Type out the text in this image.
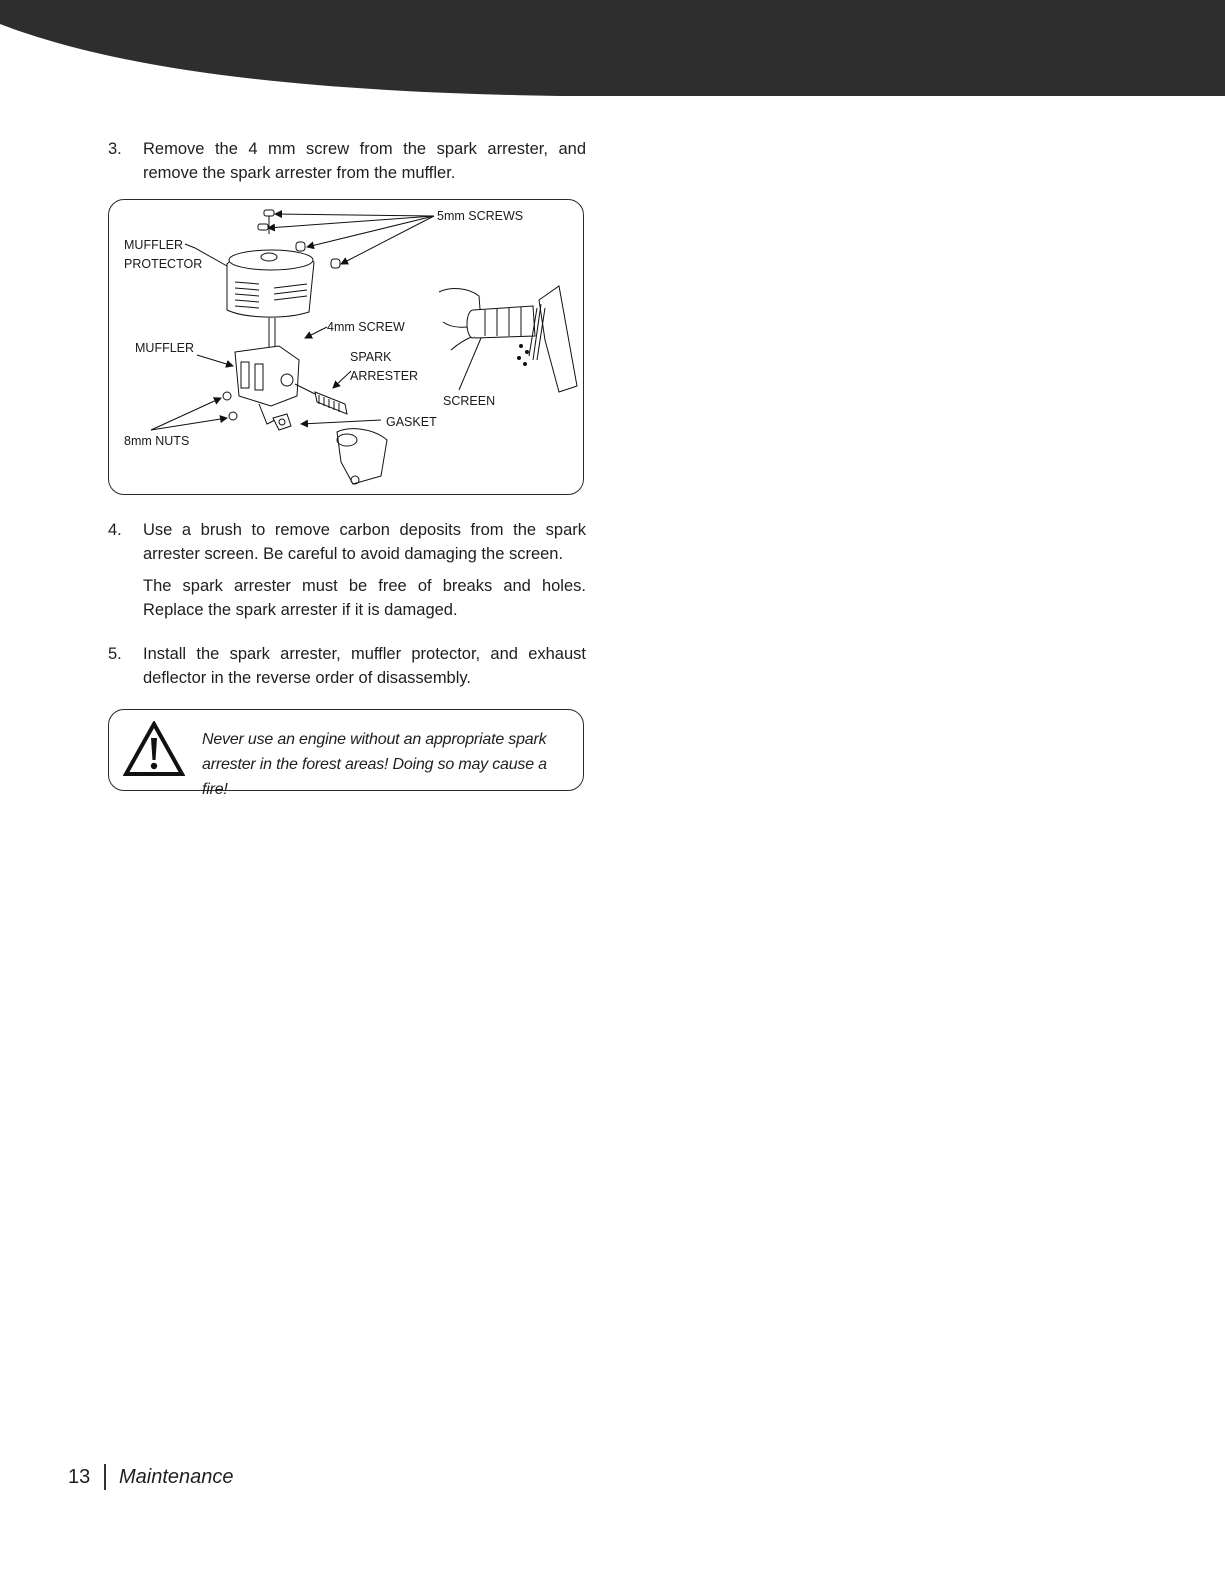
3. Remove the 4 mm screw from the spark arrester, and remove the spark arrester from the muffler.
5mm SCREWS
MUFFLER
PROTECTOR
4mm SCREW
MUFFLER
SPARK
ARRESTER
SCREEN
GASKET
8mm NUTS
4. Use a brush to remove carbon deposits from the spark arrester screen. Be careful to avoid damaging the screen.
The spark arrester must be free of breaks and holes. Replace the spark arrester if it is damaged.
5. Install the spark arrester, muffler protector, and exhaust deflector in the reverse order of disassembly.
Never use an engine without an appropriate spark arrester in the forest areas! Doing so may cause a fire!
13 Maintenance
